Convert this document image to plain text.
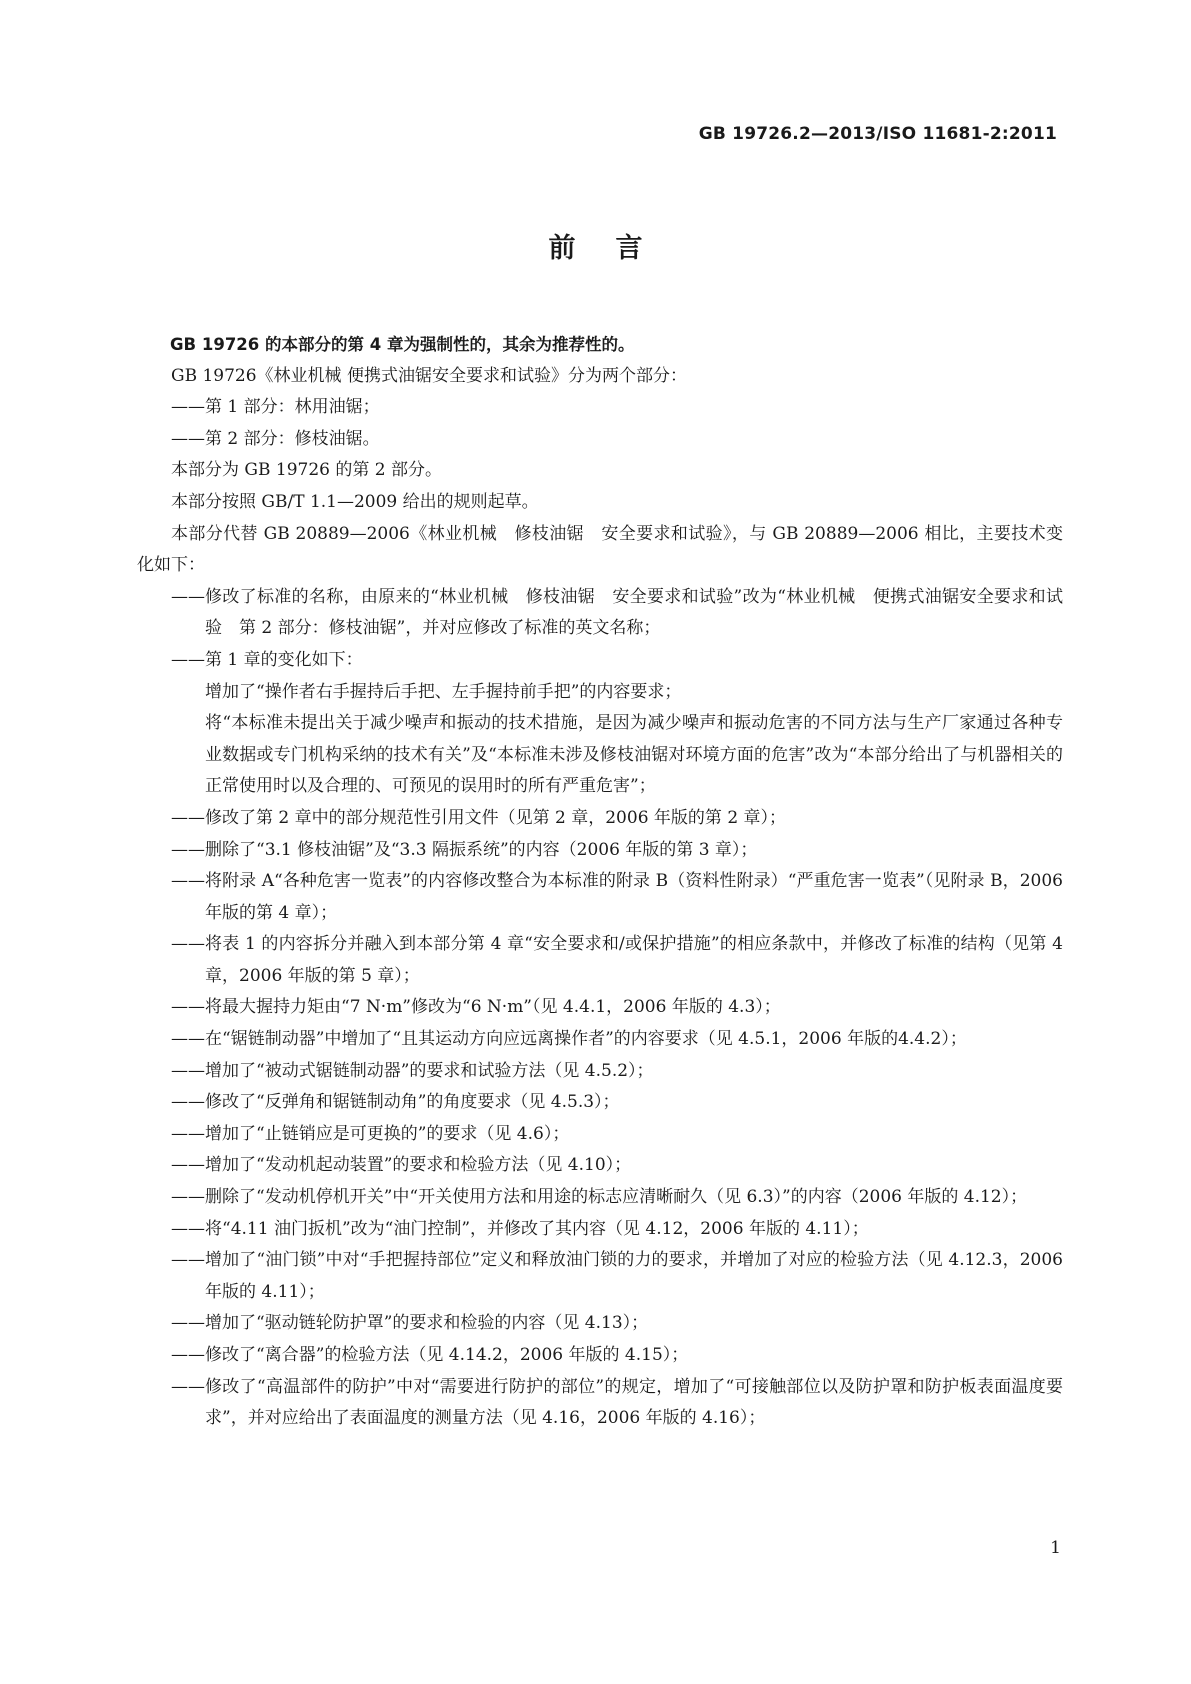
GB 19726.2—2013/ISO 11681-2:2011
前言

GB 19726 的本部分的第 4 章为强制性的，其余为推荐性的。

GB 19726《林业机械 便携式油锯安全要求和试验》分为两个部分：

—— 第 1 部分：林用油锯；

—— 第 2 部分：修枝油锯。

本部分为 GB 19726 的第 2 部分。

本部分按照 GB/T 1.1—2009 给出的规则起草。

本部分代替 GB 20889—2006《林业机械　修枝油锯　安全要求和试验》，与 GB 20889—2006 相比，主要技术变化如下：

—— 修改了标准的名称，由原来的“林业机械　修枝油锯　安全要求和试验”改为“林业机械　便携式油锯安全要求和试验　第 2 部分：修枝油锯”，并对应修改了标准的英文名称；

—— 第 1 章的变化如下：

增加了“操作者右手握持后手把、左手握持前手把”的内容要求；

将“本标准未提出关于减少噪声和振动的技术措施，是因为减少噪声和振动危害的不同方法与生产厂家通过各种专业数据或专门机构采纳的技术有关”及“本标准未涉及修枝油锯对环境方面的危害”改为“本部分给出了与机器相关的正常使用时以及合理的、可预见的误用时的所有严重危害”；

—— 修改了第 2 章中的部分规范性引用文件（见第 2 章，2006 年版的第 2 章）；

—— 删除了“3.1 修枝油锯”及“3.3 隔振系统”的内容（2006 年版的第 3 章）；

—— 将附录 A“各种危害一览表”的内容修改整合为本标准的附录 B（资料性附录）“严重危害一览表”（见附录 B，2006 年版的第 4 章）；

—— 将表 1 的内容拆分并融入到本部分第 4 章“安全要求和/或保护措施”的相应条款中，并修改了标准的结构（见第 4 章，2006 年版的第 5 章）；

—— 将最大握持力矩由“7 N·m”修改为“6 N·m”（见 4.4.1，2006 年版的 4.3）；

—— 在“锯链制动器”中增加了“且其运动方向应远离操作者”的内容要求（见 4.5.1，2006 年版的4.4.2）；

—— 增加了“被动式锯链制动器”的要求和试验方法（见 4.5.2）；

—— 修改了“反弹角和锯链制动角”的角度要求（见 4.5.3）；

—— 增加了“止链销应是可更换的”的要求（见 4.6）；

—— 增加了“发动机起动装置”的要求和检验方法（见 4.10）；

—— 删除了“发动机停机开关”中“开关使用方法和用途的标志应清晰耐久（见 6.3）”的内容（2006 年版的 4.12）；

—— 将“4.11 油门扳机”改为“油门控制”，并修改了其内容（见 4.12，2006 年版的 4.11）；

—— 增加了“油门锁”中对“手把握持部位”定义和释放油门锁的力的要求，并增加了对应的检验方法（见 4.12.3，2006 年版的 4.11）；

—— 增加了“驱动链轮防护罩”的要求和检验的内容（见 4.13）；

—— 修改了“离合器”的检验方法（见 4.14.2，2006 年版的 4.15）；

—— 修改了“高温部件的防护”中对“需要进行防护的部位”的规定，增加了“可接触部位以及防护罩和防护板表面温度要求”，并对应给出了表面温度的测量方法（见 4.16，2006 年版的 4.16）；

1
